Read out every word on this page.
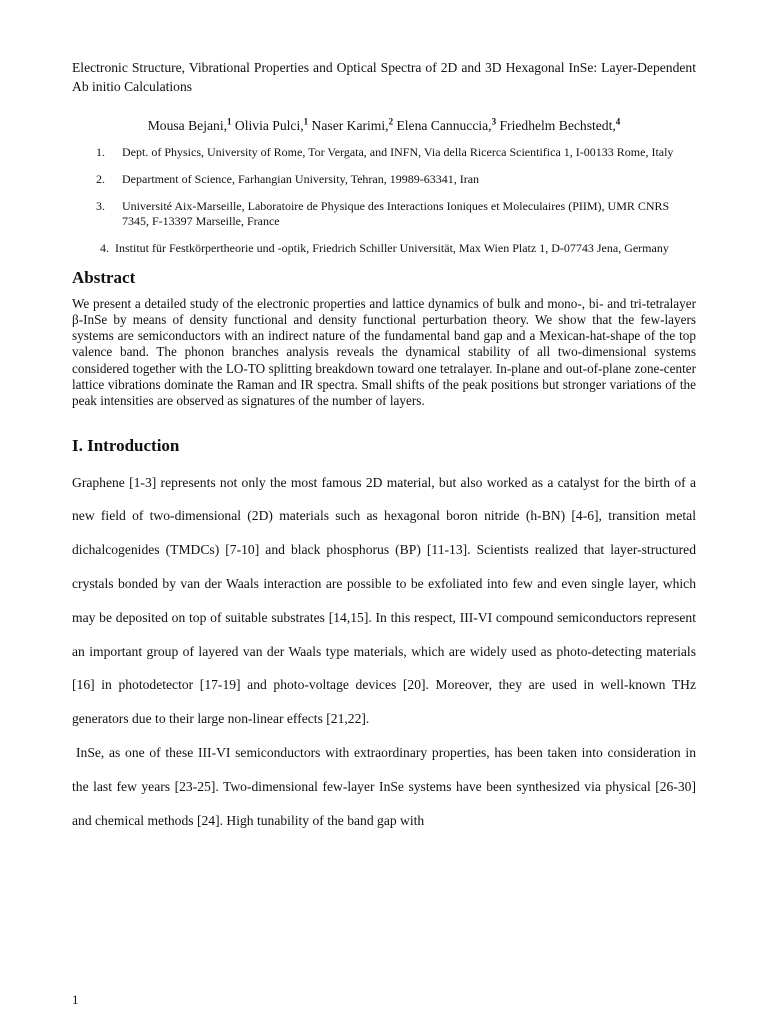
Electronic Structure, Vibrational Properties and Optical Spectra of 2D and 3D Hexagonal InSe: Layer-Dependent Ab initio Calculations

Mousa Bejani,$^1$ Olivia Pulci,$^1$ Naser Karimi,$^2$ Elena Cannuccia,$^3$ Friedhelm Bechstedt,$^4$

1.	Dept. of Physics, University of Rome, Tor Vergata, and INFN, Via della Ricerca Scientifica 1, I-00133 Rome, Italy
2.	Department of Science, Farhangian University, Tehran, 19989-63341, Iran
3.	Université Aix-Marseille, Laboratoire de Physique des Interactions Ioniques et Moleculaires (PIIM), UMR CNRS 7345, F-13397 Marseille, France

4. Institut für Festkörpertheorie und -optik, Friedrich Schiller Universität, Max Wien Platz 1, D-07743 Jena, Germany

Abstract

We present a detailed study of the electronic properties and lattice dynamics of bulk and mono-, bi- and tri-tetralayer β-InSe by means of density functional and density functional perturbation theory. We show that the few-layers systems are semiconductors with an indirect nature of the fundamental band gap and a Mexican-hat-shape of the top valence band. The phonon branches analysis reveals the dynamical stability of all two-dimensional systems considered together with the LO-TO splitting breakdown toward one tetralayer. In-plane and out-of-plane zone-center lattice vibrations dominate the Raman and IR spectra. Small shifts of the peak positions but stronger variations of the peak intensities are observed as signatures of the number of layers.

I. Introduction

Graphene [1-3] represents not only the most famous 2D material, but also worked as a catalyst for the birth of a new field of two-dimensional (2D) materials such as hexagonal boron nitride (h-BN) [4-6], transition metal dichalcogenides (TMDCs) [7-10] and black phosphorus (BP) [11-13]. Scientists realized that layer-structured crystals bonded by van der Waals interaction are possible to be exfoliated into few and even single layer, which may be deposited on top of suitable substrates [14,15]. In this respect, III-VI compound semiconductors represent an important group of layered van der Waals type materials, which are widely used as photo-detecting materials [16] in photodetector [17-19] and photo-voltage devices [20]. Moreover, they are used in well-known THz generators due to their large non-linear effects [21,22].

InSe, as one of these III-VI semiconductors with extraordinary properties, has been taken into consideration in the last few years [23-25]. Two-dimensional few-layer InSe systems have been synthesized via physical [26-30] and chemical methods [24]. High tunability of the band gap with

1
